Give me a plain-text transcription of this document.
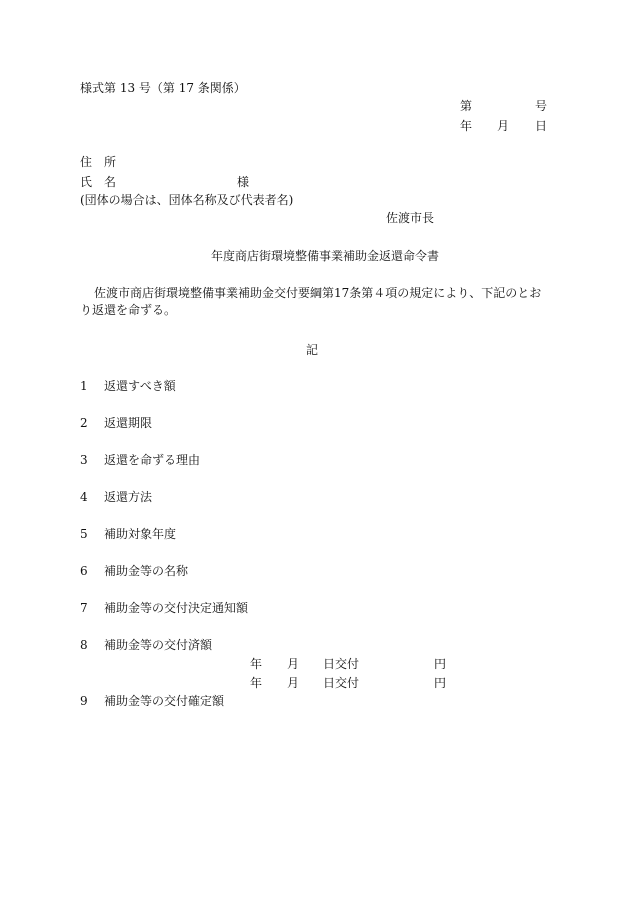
様式第 13 号（第 17 条関係）
第	号
年 月 日
住　所
氏　名	様
(団体の場合は、団体名称及び代表者名)
佐渡市長
年度商店街環境整備事業補助金返還命令書
佐渡市商店街環境整備事業補助金交付要綱第17条第４項の規定により、下記のとお
り返還を命ずる。
記
1 返還すべき額
2 返還期限
3 返還を命ずる理由
4 返還方法
5 補助対象年度
6 補助金等の名称
7 補助金等の交付決定通知額
8 補助金等の交付済額
年 月 日交付	円
年 月 日交付	円
9 補助金等の交付確定額
